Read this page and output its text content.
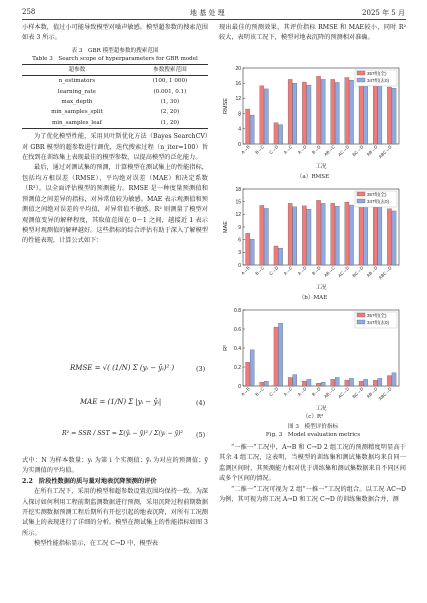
258	地 基 处 理	2025 年 5 月

小样本数，值过小可能导致模型对噪声敏感。模型超参数的搜索范围如表 3 所示。

表 3　GBR 模型超参数的搜索范围
Table 3　Search scope of hyperparameters for GBR model
超参数	参数搜索范围
n_estimators	(100, 1 000)
learning_rate	(0.001, 0.1)
max_depth	(1, 30)
min_samples_split	(2, 20)
min_samples_leaf	(1, 20)

为了优化模型性能，采用贝叶斯优化方法（Bayes SearchCV）对 GBR 模型的超参数进行调优，迭代搜索过程（n_iter=100）旨在找到在训练集上表现最佳的模型参数，以提高模型的泛化能力。

最后，通过对测试集的预测，计算模型在测试集上的性能指标，包括均方根误差（RMSE）、平均绝对误差（MAE）和决定系数（R²），以全面评估模型的预测能力。RMSE 是一种度量预测值和预测值之间差异的指标，对异常值较为敏感。MAE 表示观测值和预测值之间绝对误差的平均值，对异常值不敏感。R² 则测量了模型对观测值变异的解释程度，其取值范围在 0～1 之间，越接近 1 表示模型对观测值的解释越好。这些指标的综合评估有助于深入了解模型的性能表现，计算公式如下：

RMSE = √( (1/N) Σ (yᵢ − ŷᵢ)² )	(3)
MAE = (1/N) Σ |yᵢ − ŷᵢ|	(4)
R² = SSR / SST = Σ(ŷᵢ − ȳ)² / Σ(yᵢ − ȳ)² (5)

式中：N 为样本数量；yᵢ 为第 i 个实测值；ȳᵢ 为对应的预测值；ȳ 为实测值的平均值。

2.2　阶段性数据的质与量对地表沉降预测的评价

在所有工况下，采用的模型和超参数设置范围均保持一致。为深入探讨如何利用工程前期监测数据进行预测，采用沉降过程前期数据开挖实测数据预测工程后期所有开挖引起的地表沉降，对所有工况测试集上的表现进行了详细的分析。模型在测试集上的性能指标如图 3 所示。

模型性能指标显示，在工况 C→D 中，模型表

现出最佳的预测效果，其评价指标 RMSE 和 MAE较小，同时 R² 较大，表明该工况下，模型对地表沉降的预测相对准确。

0
4
8
12
16
20
RMSE
A→B B→C C→D A→C A→D B→D AB→C AC→D BC→D AB→D ABC→D
工况
357组(全)
347组(去0)
（a）RMSE
0
3
6
9
12
15
18
MAE
A→B B→C C→D A→C A→D B→D AB→C AC→D BC→D AB→D ABC→D
工况
357组(全)
347组(去0)
（b）MAE
0
0.2
0.4
0.6
0.8
R²
A→B B→C C→D A→C A→D B→D AB→C AC→D BC→D AB→D ABC→D
工况
357组(全)
347组(去0)
（c）R²
图 3　模型评价指标
Fig. 3　Model evaluation metrics

“一推一”工况中，A→B 和 C→D 2 组工况的预测精度明显高于其余 4 组工况，这表明，当模型的训练集和测试集数据均来自同一监测区间时，其预测能力相对优于训练集和测试集数据来自不同区间或多个区间的情况。

“二推一”工况可视为 2 组“一推一”工况的组合。以工况 AC→D 为例，其可视为将工况 A→D 和工况 C→D 的训练集数据合并，测
